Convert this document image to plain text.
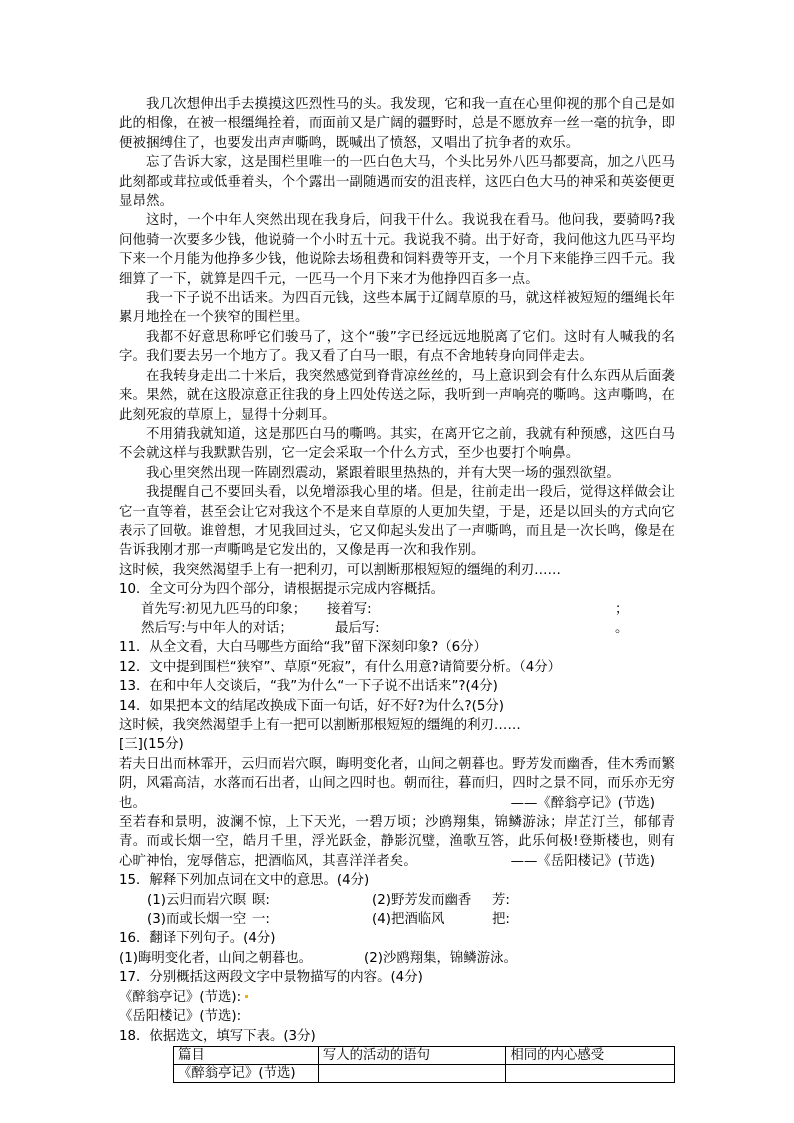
我几次想伸出手去摸摸这匹烈性马的头。我发现，它和我一直在心里仰视的那个自己是如此的相像，在被一根缰绳拴着，而面前又是广阔的疆野时，总是不愿放弃一丝一毫的抗争，即便被捆缚住了，也要发出声声嘶鸣，既喊出了愤怒，又唱出了抗争者的欢乐。

忘了告诉大家，这是围栏里唯一的一匹白色大马，个头比另外八匹马都要高，加之八匹马此刻都或茸拉或低垂着头，个个露出一副随遇而安的沮丧样，这匹白色大马的神采和英姿便更显昂然。

这时，一个中年人突然出现在我身后，问我干什么。我说我在看马。他问我，要骑吗?我问他骑一次要多少钱，他说骑一个小时五十元。我说我不骑。出于好奇，我问他这九匹马平均下来一个月能为他挣多少钱，他说除去场租费和饲料费等开支，一个月下来能挣三四千元。我细算了一下，就算是四千元，一匹马一个月下来才为他挣四百多一点。

我一下子说不出话来。为四百元钱，这些本属于辽阔草原的马，就这样被短短的缰绳长年累月地拴在一个狭窄的围栏里。

我都不好意思称呼它们骏马了，这个“骏”字已经远远地脱离了它们。这时有人喊我的名字。我们要去另一个地方了。我又看了白马一眼，有点不舍地转身向同伴走去。

在我转身走出二十米后，我突然感觉到脊背凉丝丝的，马上意识到会有什么东西从后面袭来。果然，就在这股凉意正往我的身上四处传送之际，我听到一声响亮的嘶鸣。这声嘶鸣，在此刻死寂的草原上，显得十分刺耳。

不用猜我就知道，这是那匹白马的嘶鸣。其实，在离开它之前，我就有种预感，这匹白马不会就这样与我默默告别，它一定会采取一个什么方式，至少也要打个响鼻。

我心里突然出现一阵剧烈震动，紧跟着眼里热热的，并有大哭一场的强烈欲望。

我提醒自己不要回头看，以免增添我心里的堵。但是，往前走出一段后，觉得这样做会让它一直等着，甚至会让它对我这个不是来自草原的人更加失望，于是，还是以回头的方式向它表示了回敬。谁曾想，才见我回过头，它又仰起头发出了一声嘶鸣，而且是一次长鸣，像是在告诉我刚才那一声嘶鸣是它发出的，又像是再一次和我作别。

这时候，我突然渴望手上有一把利刃，可以割断那根短短的缰绳的利刃……

10．全文可分为四个部分，请根据提示完成内容概括。

首先写:初见九匹马的印象；	接着写:	；
然后写:与中年人的对话；	最后写:	。

11．从全文看，大白马哪些方面给“我”留下深刻印象?（6分）

12．文中提到围栏“狭窄”、草原“死寂”，有什么用意?请简要分析。（4分）

13．在和中年人交谈后，“我”为什么“一下子说不出话来”?(4分)

14．如果把本文的结尾改换成下面一句话，好不好?为什么?(5分)

这时候，我突然渴望手上有一把可以割断那根短短的缰绳的利刃……

[三](15分)

若夫日出而林霏开，云归而岩穴暝，晦明变化者，山间之朝暮也。野芳发而幽香，佳木秀而繁阴，风霜高洁，水落而石出者，山间之四时也。朝而往，暮而归，四时之景不同，而乐亦无穷也。	——《醉翁亭记》(节选)

至若春和景明，波澜不惊，上下天光，一碧万顷；沙鸥翔集，锦鳞游泳；岸芷汀兰，郁郁青青。而或长烟一空，皓月千里，浮光跃金，静影沉璧，渔歌互答，此乐何极!登斯楼也，则有心旷神怡，宠辱偕忘，把酒临风，其喜洋洋者矣。	——《岳阳楼记》(节选)

15．解释下列加点词在文中的意思。(4分)

(1)云归而岩穴暝 暝:	(2)野芳发而幽香	芳:
(3)而或长烟一空 一:	(4)把酒临风	把:

16．翻译下列句子。(4分)

(1)晦明变化者，山间之朝暮也。	(2)沙鸥翔集，锦鳞游泳。

17．分别概括这两段文字中景物描写的内容。(4分)

《醉翁亭记》(节选):

《岳阳楼记》(节选):

18．依据选文，填写下表。(3分)

篇目	写人的活动的语句	相同的内心感受
《醉翁亭记》(节选)		
